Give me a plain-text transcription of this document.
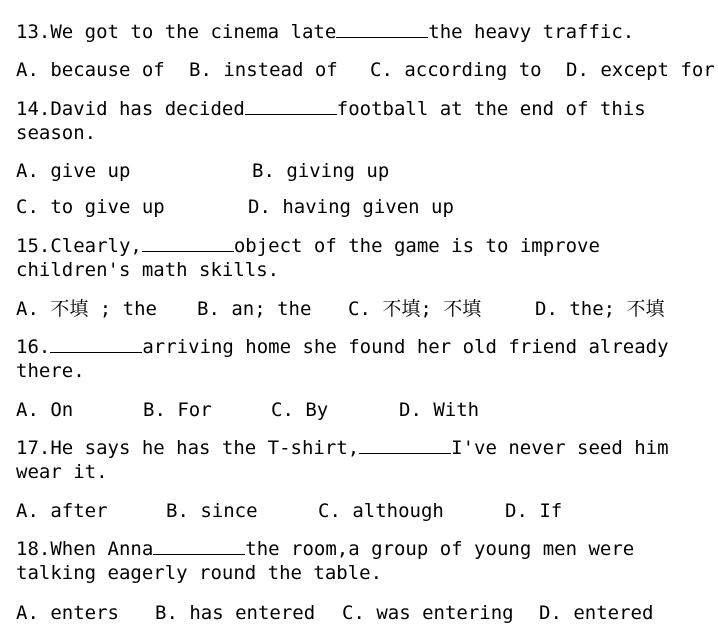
13.We got to the cinema late	the heavy traffic.
A. because of B. instead of C. according to D. except for
14.David has decided	football at the end of this
season.
A. give up	B. giving up
C. to give up	D. having given up
15.Clearly,	object of the game is to improve
children's math skills.
A. 不填 ; the B. an; the C. 不填; 不填	D. the; 不填
16.	arriving home she found her old friend already
there.
A. On	B. For	C. By	D. With
17.He says he has the T-shirt,	I've never seed him
wear it.
A. after	B. since	C. although	D. If
18.When Anna	the room,a group of young men were
talking eagerly round the table.
A. enters B. has entered C. was entering D. entered
